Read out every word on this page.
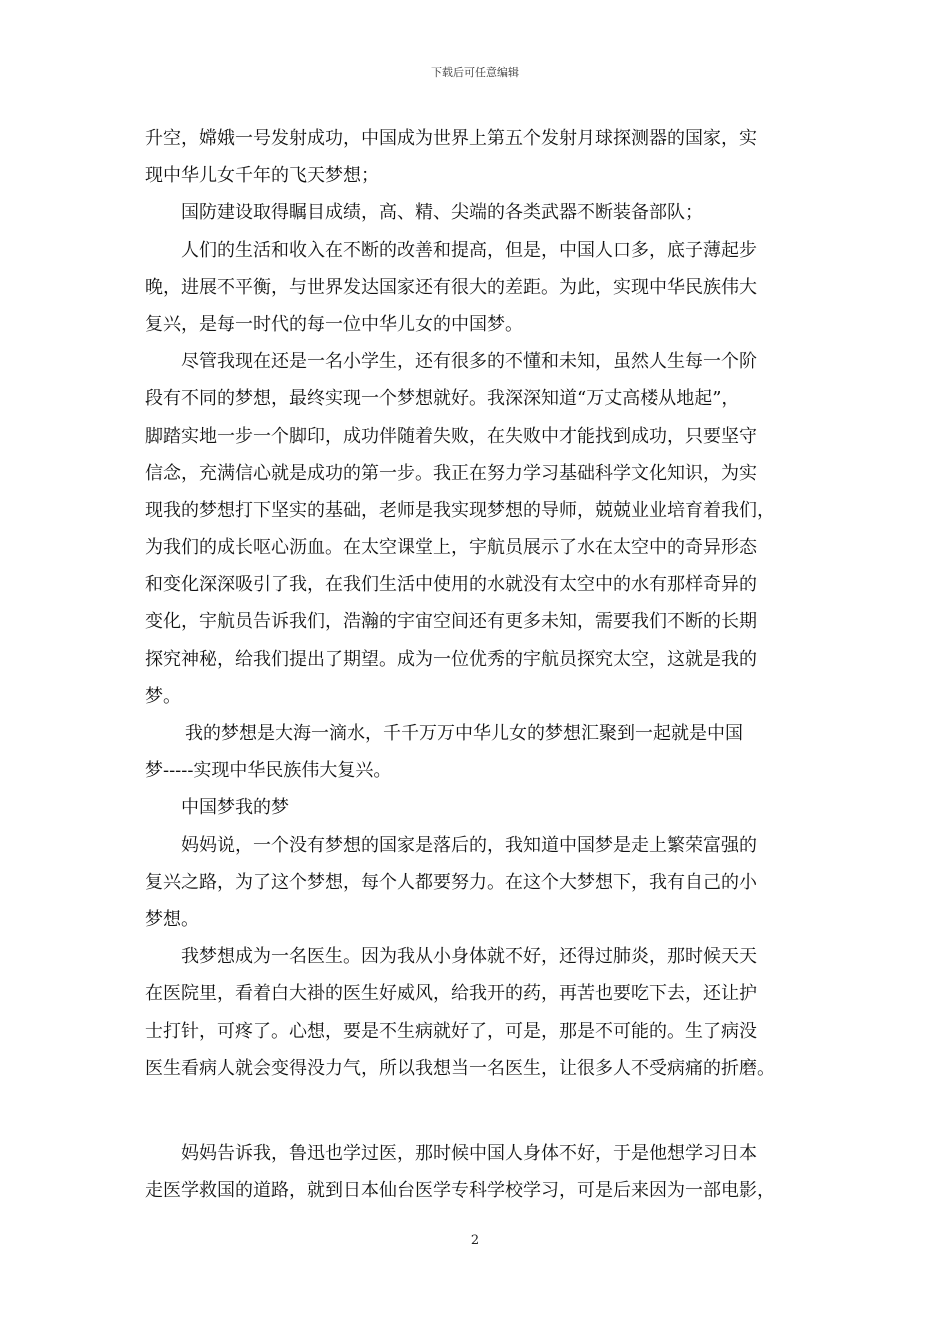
下载后可任意编辑
升空，嫦娥一号发射成功，中国成为世界上第五个发射月球探测器的国家，实
现中华儿女千年的飞天梦想；
国防建设取得瞩目成绩，高、精、尖端的各类武器不断装备部队；
人们的生活和收入在不断的改善和提高，但是，中国人口多，底子薄起步
晚，进展不平衡，与世界发达国家还有很大的差距。为此，实现中华民族伟大
复兴，是每一时代的每一位中华儿女的中国梦。
尽管我现在还是一名小学生，还有很多的不懂和未知，虽然人生每一个阶
段有不同的梦想，最终实现一个梦想就好。我深深知道“万丈高楼从地起”，
脚踏实地一步一个脚印，成功伴随着失败，在失败中才能找到成功，只要坚守
信念，充满信心就是成功的第一步。我正在努力学习基础科学文化知识，为实
现我的梦想打下坚实的基础，老师是我实现梦想的导师，兢兢业业培育着我们，
为我们的成长呕心沥血。在太空课堂上，宇航员展示了水在太空中的奇异形态
和变化深深吸引了我，在我们生活中使用的水就没有太空中的水有那样奇异的
变化，宇航员告诉我们，浩瀚的宇宙空间还有更多未知，需要我们不断的长期
探究神秘，给我们提出了期望。成为一位优秀的宇航员探究太空，这就是我的
梦。
我的梦想是大海一滴水，千千万万中华儿女的梦想汇聚到一起就是中国
梦-----实现中华民族伟大复兴。
中国梦我的梦
妈妈说，一个没有梦想的国家是落后的，我知道中国梦是走上繁荣富强的
复兴之路，为了这个梦想，每个人都要努力。在这个大梦想下，我有自己的小
梦想。
我梦想成为一名医生。因为我从小身体就不好，还得过肺炎，那时候天天
在医院里，看着白大褂的医生好威风，给我开的药，再苦也要吃下去，还让护
士打针，可疼了。心想，要是不生病就好了，可是，那是不可能的。生了病没
医生看病人就会变得没力气，所以我想当一名医生，让很多人不受病痛的折磨。
妈妈告诉我，鲁迅也学过医，那时候中国人身体不好，于是他想学习日本
走医学救国的道路，就到日本仙台医学专科学校学习，可是后来因为一部电影，
2
